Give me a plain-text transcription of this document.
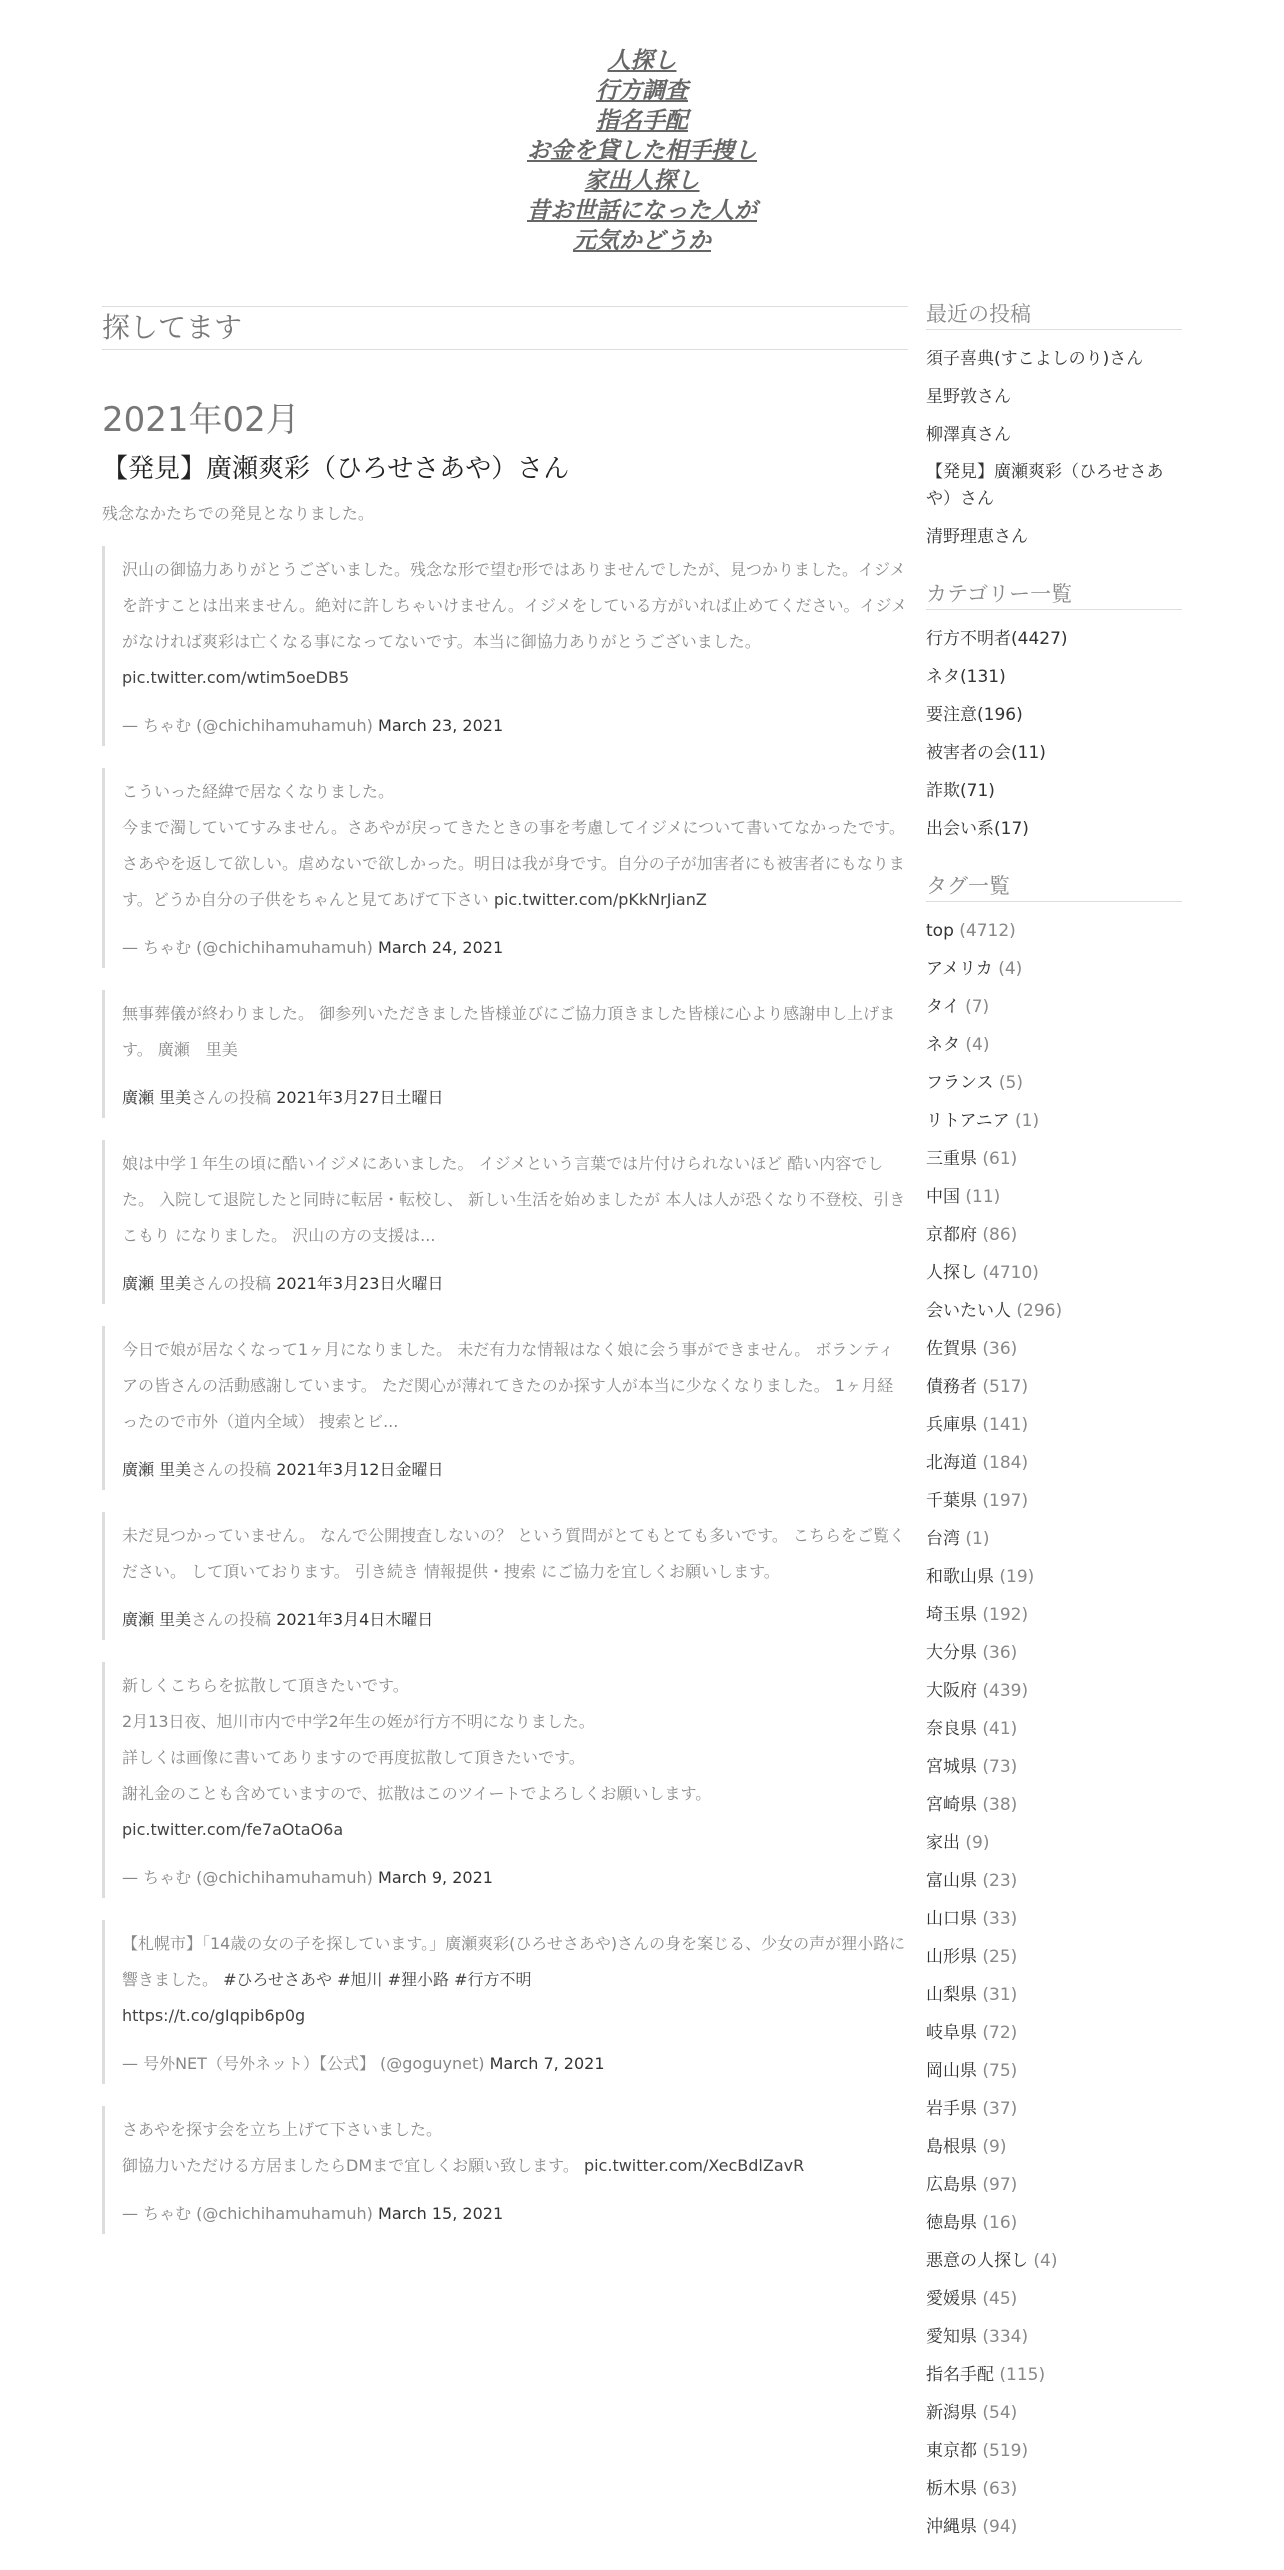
人探し
行方調査
指名手配
お金を貸した相手捜し
家出人探し
昔お世話になった人が
元気かどうか
探してます
2021年02月
【発見】廣瀬爽彩（ひろせさあや）さん

残念なかたちでの発見となりました。

沢山の御協力ありがとうございました。残念な形で望む形ではありませんでしたが、見つかりました。イジメを許すことは出来ません。絶対に許しちゃいけません。イジメをしている方がいれば止めてください。イジメがなければ爽彩は亡くなる事になってないです。本当に御協力ありがとうございました。 pic.twitter.com/wtim5oeDB5
— ちゃむ (@chichihamuhamuh) March 23, 2021
こういった経緯で居なくなりました。
今まで濁していてすみません。さあやが戻ってきたときの事を考慮してイジメについて書いてなかったです。さあやを返して欲しい。虐めないで欲しかった。明日は我が身です。自分の子が加害者にも被害者にもなります。どうか自分の子供をちゃんと見てあげて下さい pic.twitter.com/pKkNrJianZ
— ちゃむ (@chichihamuhamuh) March 24, 2021
無事葬儀が終わりました。 御参列いただきました皆様並びにご協力頂きました皆様に心より感謝申し上げます。 廣瀬　里美
廣瀬 里美さんの投稿 2021年3月27日土曜日
娘は中学１年生の頃に酷いイジメにあいました。 イジメという言葉では片付けられないほど 酷い内容でした。 入院して退院したと同時に転居・転校し、 新しい生活を始めましたが 本人は人が恐くなり不登校、引きこもり になりました。 沢山の方の支援は...
廣瀬 里美さんの投稿 2021年3月23日火曜日
今日で娘が居なくなって1ヶ月になりました。 未だ有力な情報はなく娘に会う事ができません。 ボランティアの皆さんの活動感謝しています。 ただ関心が薄れてきたのか探す人が本当に少なくなりました。 1ヶ月経ったので市外（道内全域） 捜索とビ...
廣瀬 里美さんの投稿 2021年3月12日金曜日
未だ見つかっていません。 なんで公開捜査しないの？ という質問がとてもとても多いです。 こちらをご覧ください。 して頂いております。 引き続き 情報提供・捜索 にご協力を宜しくお願いします。
廣瀬 里美さんの投稿 2021年3月4日木曜日
新しくこちらを拡散して頂きたいです。
2月13日夜、旭川市内で中学2年生の姪が行方不明になりました。
詳しくは画像に書いてありますので再度拡散して頂きたいです。
謝礼金のことも含めていますので、拡散はこのツイートでよろしくお願いします。 pic.twitter.com/fe7aOtaO6a
— ちゃむ (@chichihamuhamuh) March 9, 2021
【札幌市】「14歳の女の子を探しています。」廣瀬爽彩(ひろせさあや)さんの身を案じる、少女の声が狸小路に響きました。 #ひろせさあや #旭川 #狸小路 #行方不明
https://t.co/gIqpib6p0g
— 号外NET（号外ネット）【公式】 (@goguynet) March 7, 2021
さあやを探す会を立ち上げて下さいました。
御協力いただける方居ましたらDMまで宜しくお願い致します。 pic.twitter.com/XecBdlZavR
— ちゃむ (@chichihamuhamuh) March 15, 2021
最近の投稿
須子喜典(すこよしのり)さん
星野敦さん
柳澤真さん
【発見】廣瀬爽彩（ひろせさあや）さん
清野理恵さん
カテゴリー一覧
行方不明者(4427)
ネタ(131)
要注意(196)
被害者の会(11)
詐欺(71)
出会い系(17)
タグ一覧
top (4712)
アメリカ (4)
タイ (7)
ネタ (4)
フランス (5)
リトアニア (1)
三重県 (61)
中国 (11)
京都府 (86)
人探し (4710)
会いたい人 (296)
佐賀県 (36)
債務者 (517)
兵庫県 (141)
北海道 (184)
千葉県 (197)
台湾 (1)
和歌山県 (19)
埼玉県 (192)
大分県 (36)
大阪府 (439)
奈良県 (41)
宮城県 (73)
宮崎県 (38)
家出 (9)
富山県 (23)
山口県 (33)
山形県 (25)
山梨県 (31)
岐阜県 (72)
岡山県 (75)
岩手県 (37)
島根県 (9)
広島県 (97)
徳島県 (16)
悪意の人探し (4)
愛媛県 (45)
愛知県 (334)
指名手配 (115)
新潟県 (54)
東京都 (519)
栃木県 (63)
沖縄県 (94)
